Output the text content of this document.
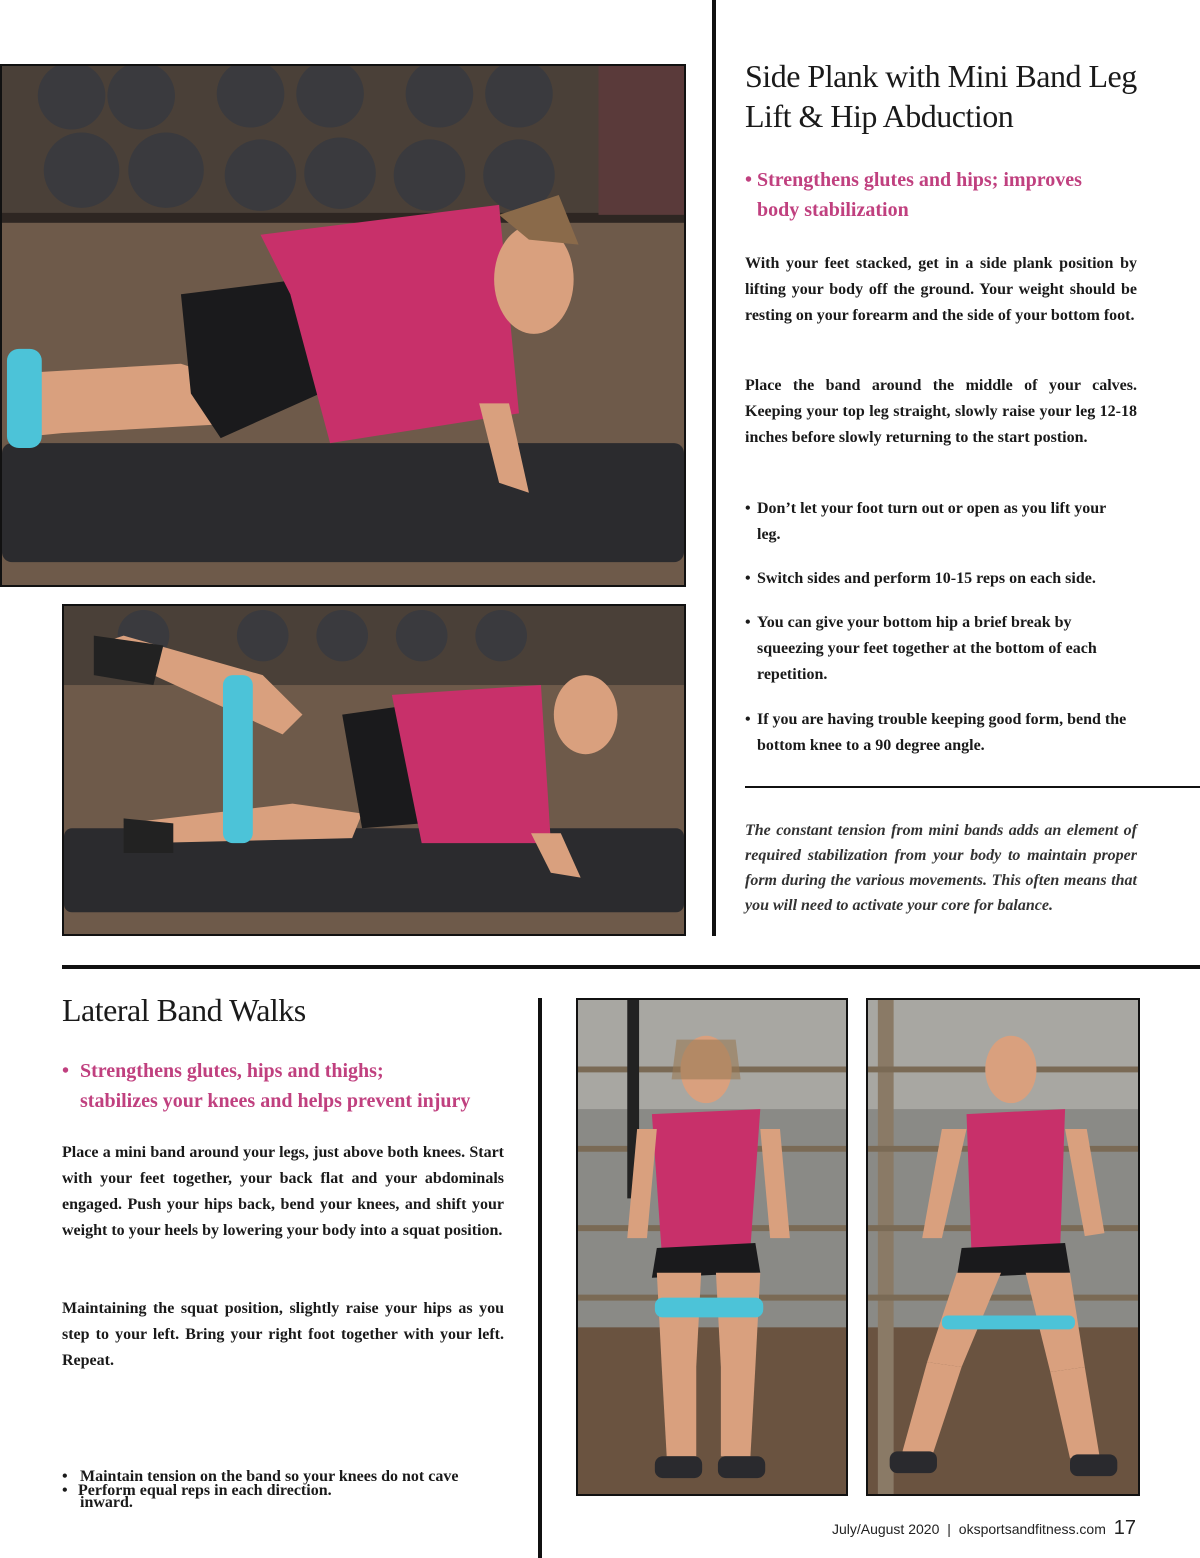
Side Plank with Mini Band Leg
Lift & Hip Abduction
• Strengthens glutes and hips; improves
body stabilization

With your feet stacked, get in a side plank position by lifting your body off the ground. Your weight should be resting on your forearm and the side of your bottom foot.

Place the band around the middle of your calves. Keeping your top leg straight, slowly raise your leg 12-18 inches before slowly returning to the start postion.

• Don’t let your foot turn out or open as you lift your leg.
• Switch sides and perform 10-15 reps on each side.
• You can give your bottom hip a brief break by squeezing your feet together at the bottom of each repetition.
• If you are having trouble keeping good form, bend the bottom knee to a 90 degree angle.

The constant tension from mini bands adds an element of required stabilization from your body to maintain proper form during the various movements. This often means that you will need to activate your core for balance.

Lateral Band Walks
• Strengthens glutes, hips and thighs;
stabilizes your knees and helps prevent injury

Place a mini band around your legs, just above both knees. Start with your feet together, your back flat and your abdominals engaged. Push your hips back, bend your knees, and shift your weight to your heels by lowering your body into a squat position.

Maintaining the squat position, slightly raise your hips as you step to your left. Bring your right foot together with your left. Repeat.

• Maintain tension on the band so your knees do not cave inward.
• Perform equal reps in each direction.
July/August 2020 | oksportsandfitness.com 17
